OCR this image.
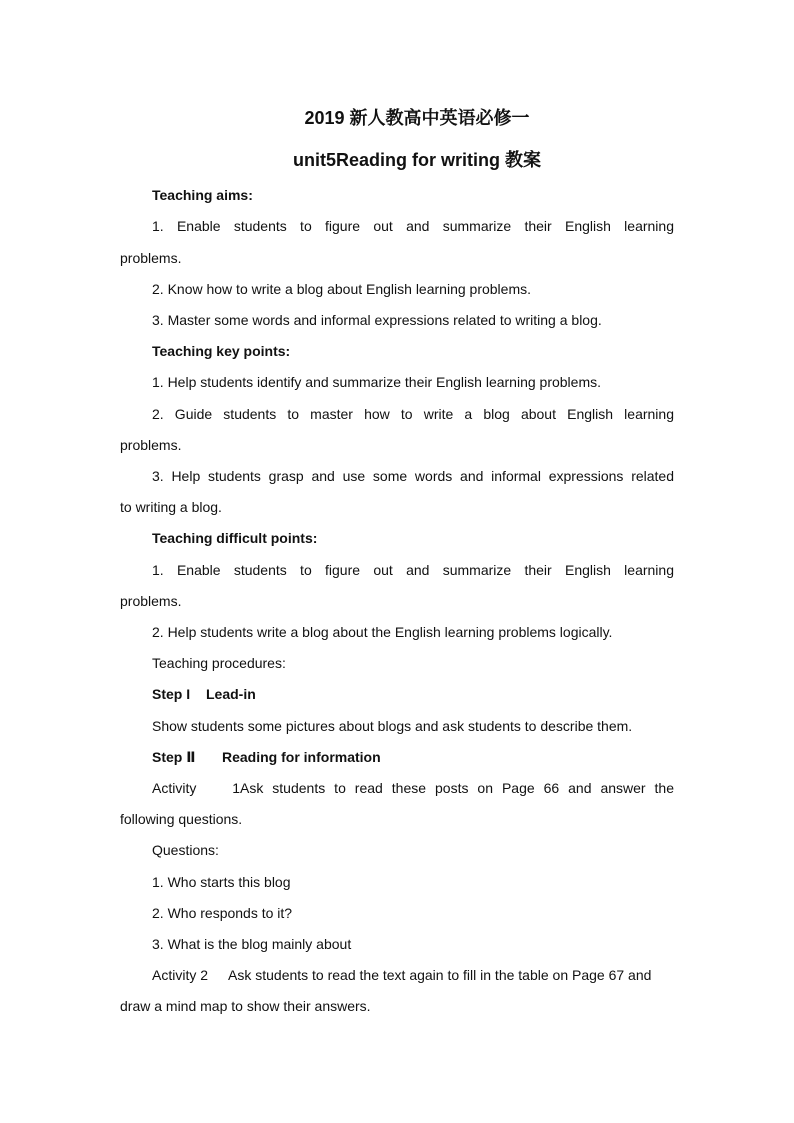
2019 新人教高中英语必修一
unit5Reading for writing 教案
Teaching aims:
1. Enable students to figure out and summarize their English learning
problems.
2. Know how to write a blog about English learning problems.
3. Master some words and informal expressions related to writing a blog.
Teaching key points:
1. Help students identify and summarize their English learning problems.
2. Guide students to master how to write a blog about English learning
problems.
3. Help students grasp and use some words and informal expressions related
to writing a blog.
Teaching difficult points:
1. Enable students to figure out and summarize their English learning
problems.
2. Help students write a blog about the English learning problems logically.
Teaching procedures:
Step I Lead-in
Show students some pictures about blogs and ask students to describe them.
Step Ⅱ Reading for information
Activity 1Ask students to read these posts on Page 66 and answer the
following questions.
Questions:
1. Who starts this blog
2. Who responds to it?
3. What is the blog mainly about
Activity 2 Ask students to read the text again to fill in the table on Page 67 and
draw a mind map to show their answers.
